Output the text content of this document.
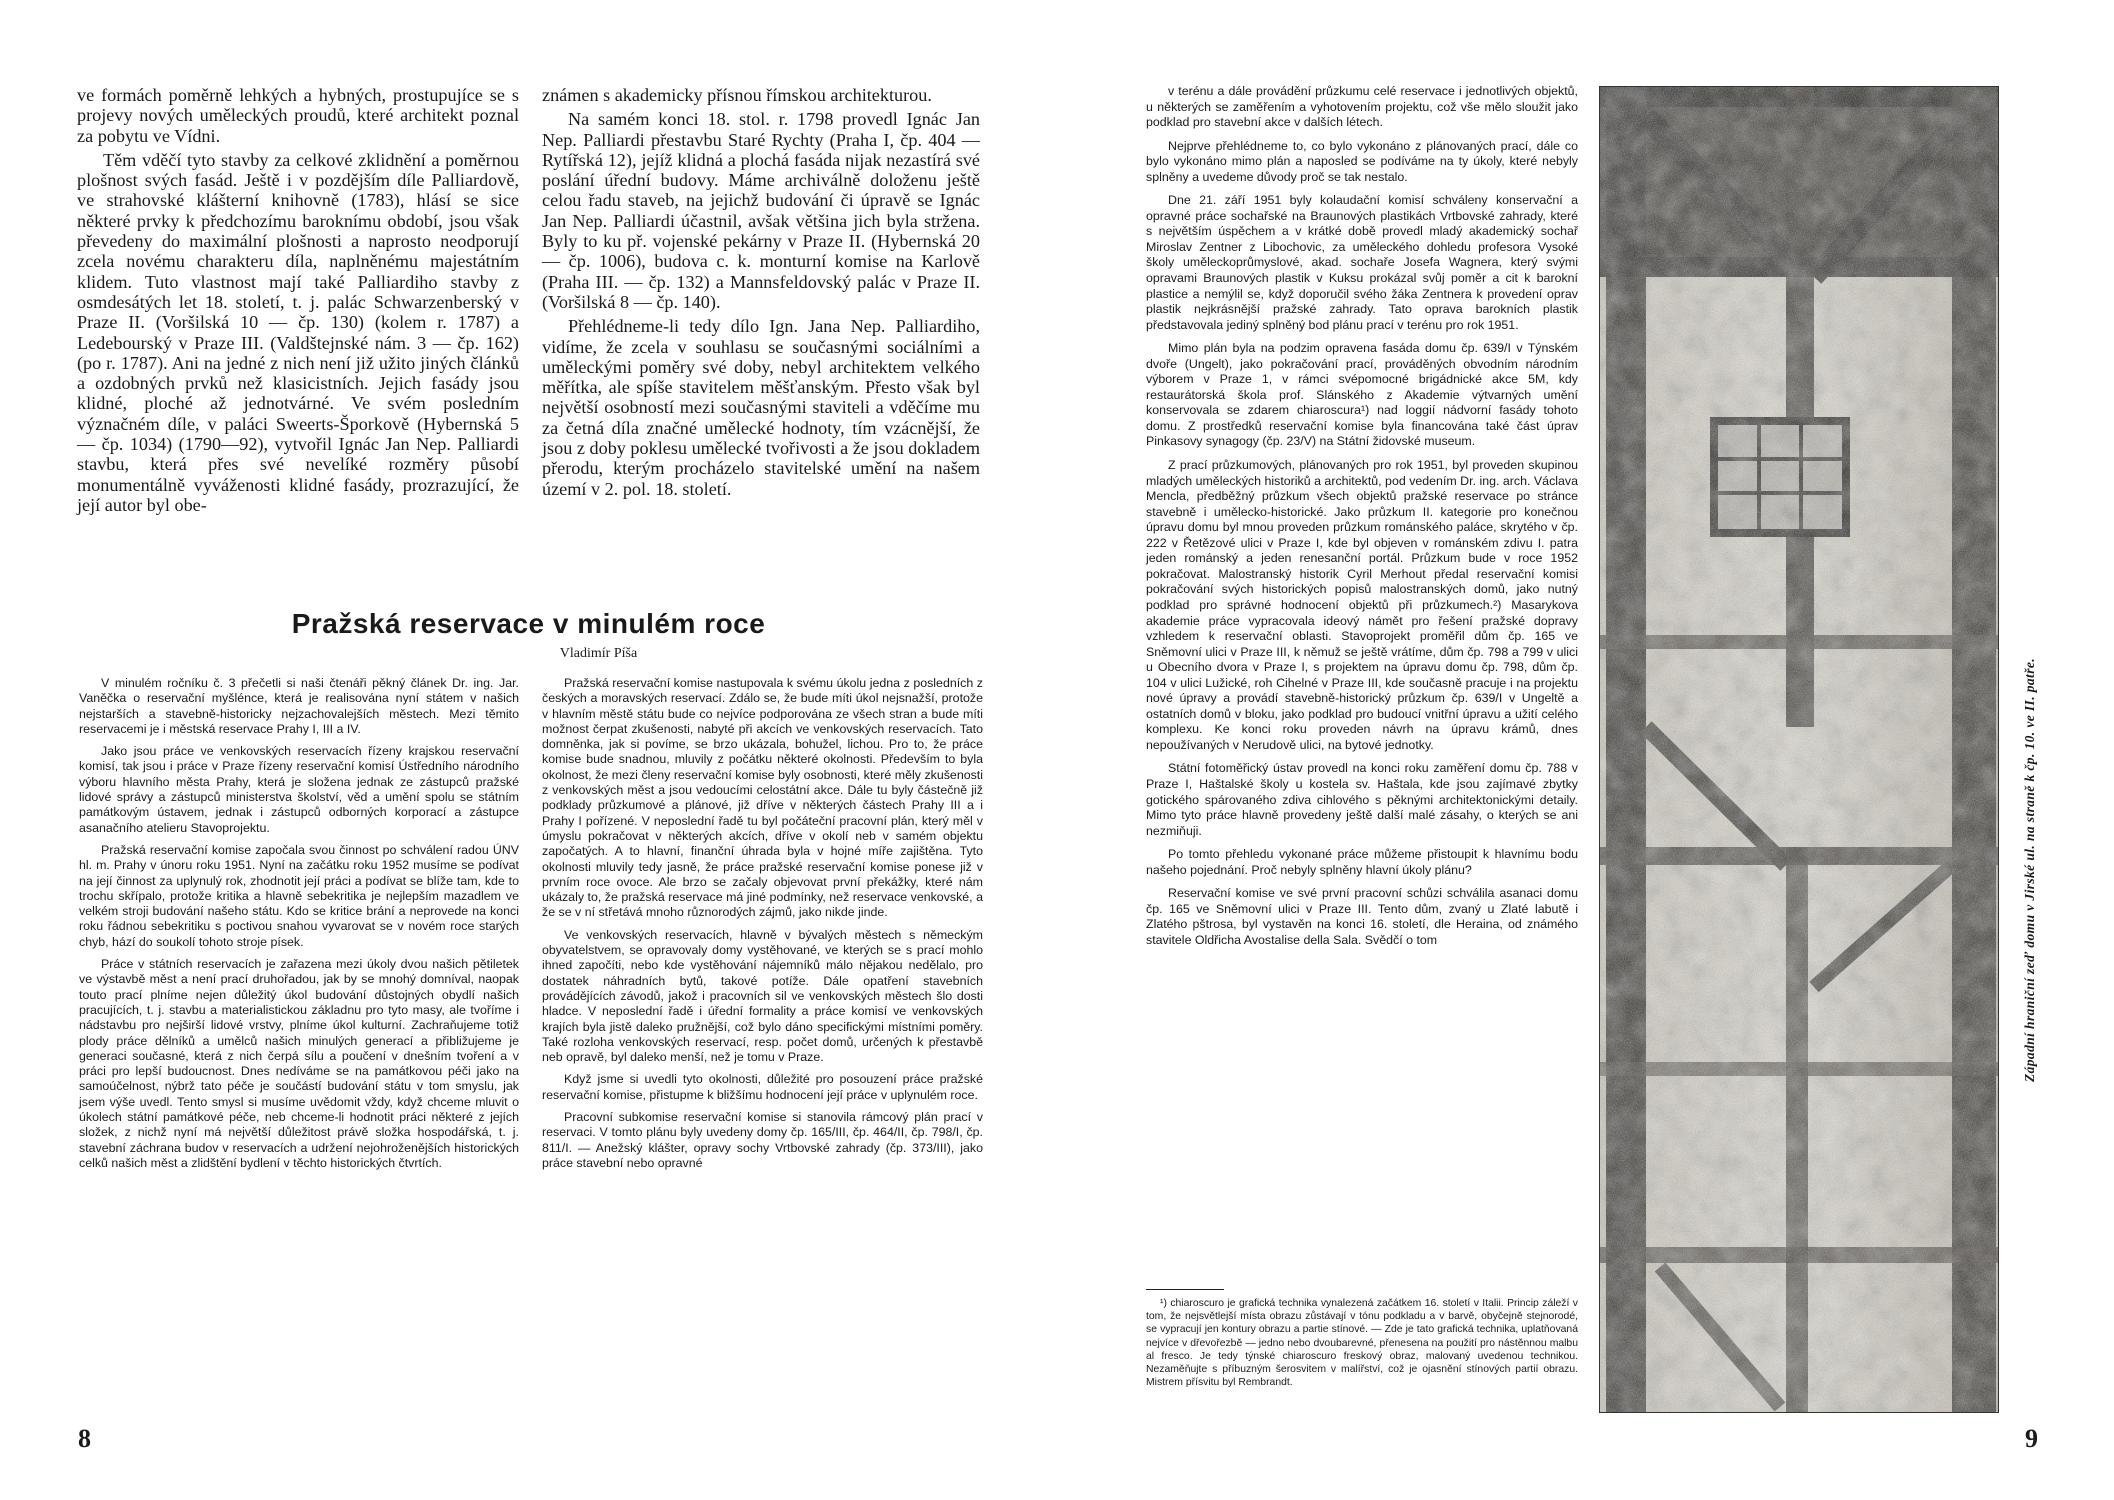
ve formách poměrně lehkých a hybných, prostupujíce se s projevy nových uměleckých proudů, které architekt poznal za pobytu ve Vídni.

Těm vděčí tyto stavby za celkové zklidnění a poměrnou plošnost svých fasád. Ještě i v pozdějším díle Palliardově, ve strahovské klášterní knihovně (1783), hlásí se sice některé prvky k předchozímu baroknímu období, jsou však převedeny do maximální plošnosti a naprosto neodporují zcela novému charakteru díla, naplněnému majestátním klidem. Tuto vlastnost mají také Palliardiho stavby z osmdesátých let 18. století, t. j. palác Schwarzenberský v Praze II. (Voršilská 10 — čp. 130) (kolem r. 1787) a Ledebourský v Praze III. (Valdštejnské nám. 3 — čp. 162) (po r. 1787). Ani na jedné z nich není již užito jiných článků a ozdobných prvků než klasicistních. Jejich fasády jsou klidné, ploché až jednotvárné. Ve svém posledním význačném díle, v paláci Sweerts-Šporkově (Hybernská 5 — čp. 1034) (1790—92), vytvořil Ignác Jan Nep. Palliardi stavbu, která přes své nevelíké rozměry působí monumentálně vyváženosti klidné fasády, prozrazující, že její autor byl obe-

známen s akademicky přísnou římskou architekturou.

Na samém konci 18. stol. r. 1798 provedl Ignác Jan Nep. Palliardi přestavbu Staré Rychty (Praha I, čp. 404 — Rytířská 12), jejíž klidná a plochá fasáda nijak nezastírá své poslání úřední budovy. Máme archiválně doloženu ještě celou řadu staveb, na jejichž budování či úpravě se Ignác Jan Nep. Palliardi účastnil, avšak většina jich byla stržena. Byly to ku př. vojenské pekárny v Praze II. (Hybernská 20 — čp. 1006), budova c. k. monturní komise na Karlově (Praha III. — čp. 132) a Mannsfeldovský palác v Praze II. (Voršilská 8 — čp. 140).

Přehlédneme-li tedy dílo Ign. Jana Nep. Palliardiho, vidíme, že zcela v souhlasu se současnými sociálními a uměleckými poměry své doby, nebyl architektem velkého měřítka, ale spíše stavitelem měšťanským. Přesto však byl největší osobností mezi současnými staviteli a vděčíme mu za četná díla značné umělecké hodnoty, tím vzácnější, že jsou z doby poklesu umělecké tvořivosti a že jsou dokladem přerodu, kterým procházelo stavitelské umění na našem území v 2. pol. 18. století.

Pražská reservace v minulém roce
Vladimír Píša

V minulém ročníku č. 3 přečetli si naši čtenáři pěkný článek Dr. ing. Jar. Vaněčka o reservační myšlénce, která je realisována nyní státem v našich nejstarších a stavebně-historicky nejzachovalejších městech. Mezi těmito reservacemi je i městská reservace Prahy I, III a IV.

Jako jsou práce ve venkovských reservacích řízeny krajskou reservační komisí, tak jsou i práce v Praze řízeny reservační komisí Ústředního národního výboru hlavního města Prahy, která je složena jednak ze zástupců pražské lidové správy a zástupců ministerstva školství, věd a umění spolu se státním památkovým ústavem, jednak i zástupců odborných korporací a zástupce asanačního atelieru Stavoprojektu.

Pražská reservační komise započala svou činnost po schválení radou ÚNV hl. m. Prahy v únoru roku 1951. Nyní na začátku roku 1952 musíme se podívat na její činnost za uplynulý rok, zhodnotit její práci a podívat se blíže tam, kde to trochu skřípalo, protože kritika a hlavně sebekritika je nejlepším mazadlem ve velkém stroji budování našeho státu. Kdo se kritice brání a neprovede na konci roku řádnou sebekritiku s poctivou snahou vyvarovat se v novém roce starých chyb, hází do soukolí tohoto stroje písek.

Práce v státních reservacích je zařazena mezi úkoly dvou našich pětiletek ve výstavbě měst a není prací druhořadou, jak by se mnohý domníval, naopak touto prací plníme nejen důležitý úkol budování důstojných obydlí našich pracujících, t. j. stavbu a materialistickou základnu pro tyto masy, ale tvoříme i nádstavbu pro nejširší lidové vrstvy, plníme úkol kulturní. Zachraňujeme totiž plody práce dělníků a umělců našich minulých generací a přibližujeme je generaci současné, která z nich čerpá sílu a poučení v dnešním tvoření a v práci pro lepší budoucnost. Dnes nedíváme se na památkovou péči jako na samoúčelnost, nýbrž tato péče je součástí budování státu v tom smyslu, jak jsem výše uvedl. Tento smysl si musíme uvědomit vždy, když chceme mluvit o úkolech státní památkové péče, neb chceme-li hodnotit práci některé z jejích složek, z nichž nyní má největší důležitost právě složka hospodářská, t. j. stavební záchrana budov v reservacích a udržení nejohroženějších historických celků našich měst a zlidštění bydlení v těchto historických čtvrtích.

Pražská reservační komise nastupovala k svému úkolu jedna z posledních z českých a moravských reservací. Zdálo se, že bude míti úkol nejsnažší, protože v hlavním městě státu bude co nejvíce podporována ze všech stran a bude míti možnost čerpat zkušenosti, nabyté při akcích ve venkovských reservacích. Tato domněnka, jak si povíme, se brzo ukázala, bohužel, lichou. Pro to, že práce komise bude snadnou, mluvily z počátku některé okolnosti. Především to byla okolnost, že mezi členy reservační komise byly osobnosti, které měly zkušenosti z venkovských měst a jsou vedoucími celostátní akce. Dále tu byly částečně již podklady průzkumové a plánové, již dříve v některých částech Prahy III a i Prahy I pořízené. V neposlední řadě tu byl počáteční pracovní plán, který měl v úmyslu pokračovat v některých akcích, dříve v okolí neb v samém objektu započatých. A to hlavní, finanční úhrada byla v hojné míře zajištěna. Tyto okolnosti mluvily tedy jasně, že práce pražské reservační komise ponese již v prvním roce ovoce. Ale brzo se začaly objevovat první překážky, které nám ukázaly to, že pražská reservace má jiné podmínky, než reservace venkovské, a že se v ní střetává mnoho různorodých zájmů, jako nikde jinde.

Ve venkovských reservacích, hlavně v bývalých městech s německým obyvatelstvem, se opravovaly domy vystěhované, ve kterých se s prací mohlo ihned započíti, nebo kde vystěhování nájemníků málo nějakou nedělalo, pro dostatek náhradních bytů, takové potíže. Dále opatření stavebních provádějících závodů, jakož i pracovních sil ve venkovských městech šlo dosti hladce. V neposlední řadě i úřední formality a práce komisí ve venkovských krajích byla jistě daleko pružnější, což bylo dáno specifickými místními poměry. Také rozloha venkovských reservací, resp. počet domů, určených k přestavbě neb opravě, byl daleko menší, než je tomu v Praze.

Když jsme si uvedli tyto okolnosti, důležité pro posouzení práce pražské reservační komise, přistupme k bližšímu hodnocení její práce v uplynulém roce.

Pracovní subkomise reservační komise si stanovila rámcový plán prací v reservaci. V tomto plánu byly uvedeny domy čp. 165/III, čp. 464/II, čp. 798/I, čp. 811/I. — Anežský klášter, opravy sochy Vrtbovské zahrady (čp. 373/III), jako práce stavební nebo opravné

8

v terénu a dále provádění průzkumu celé reservace i jednotlivých objektů, u některých se zaměřením a vyhotovením projektu, což vše mělo sloužit jako podklad pro stavební akce v dalších létech.

Nejprve přehlédneme to, co bylo vykonáno z plánovaných prací, dále co bylo vykonáno mimo plán a naposled se podíváme na ty úkoly, které nebyly splněny a uvedeme důvody proč se tak nestalo.

Dne 21. září 1951 byly kolaudační komisí schváleny konservační a opravné práce sochařské na Braunových plastikách Vrtbovské zahrady, které s největším úspěchem a v krátké době provedl mladý akademický sochař Miroslav Zentner z Libochovic, za uměleckého dohledu profesora Vysoké školy uměleckoprůmyslové, akad. sochaře Josefa Wagnera, který svými opravami Braunových plastik v Kuksu prokázal svůj poměr a cit k barokní plastice a nemýlil se, když doporučil svého žáka Zentnera k provedení oprav plastik nejkrásnější pražské zahrady. Tato oprava barokních plastik představovala jediný splněný bod plánu prací v terénu pro rok 1951.

Mimo plán byla na podzim opravena fasáda domu čp. 639/I v Týnském dvoře (Ungelt), jako pokračování prací, prováděných obvodním národním výborem v Praze 1, v rámci svépomocné brigádnické akce 5M, kdy restaurátorská škola prof. Slánského z Akademie výtvarných umění konservovala se zdarem chiaroscura¹) nad loggií nádvorní fasády tohoto domu. Z prostředků reservační komise byla financována také část úprav Pinkasovy synagogy (čp. 23/V) na Státní židovské museum.

Z prací průzkumových, plánovaných pro rok 1951, byl proveden skupinou mladých uměleckých historiků a architektů, pod vedením Dr. ing. arch. Václava Mencla, předběžný průzkum všech objektů pražské reservace po stránce stavebně i umělecko-historické. Jako průzkum II. kategorie pro konečnou úpravu domu byl mnou proveden průzkum románského paláce, skrytého v čp. 222 v Řetězové ulici v Praze I, kde byl objeven v románském zdivu I. patra jeden románský a jeden renesanční portál. Průzkum bude v roce 1952 pokračovat. Malostranský historik Cyril Merhout předal reservační komisi pokračování svých historických popisů malostranských domů, jako nutný podklad pro správné hodnocení objektů při průzkumech.²) Masarykova akademie práce vypracovala ideový námět pro řešení pražské dopravy vzhledem k reservační oblasti. Stavoprojekt proměřil dům čp. 165 ve Sněmovní ulici v Praze III, k němuž se ještě vrátíme, dům čp. 798 a 799 v ulici u Obecního dvora v Praze I, s projektem na úpravu domu čp. 798, dům čp. 104 v ulici Lužické, roh Cihelné v Praze III, kde současně pracuje i na projektu nové úpravy a provádí stavebně-historický průzkum čp. 639/I v Ungeltě a ostatních domů v bloku, jako podklad pro budoucí vnitřní úpravu a užití celého komplexu. Ke konci roku proveden návrh na úpravu krámů, dnes nepoužívaných v Nerudově ulici, na bytové jednotky.

Státní fotoměřický ústav provedl na konci roku zaměření domu čp. 788 v Praze I, Haštalské školy u kostela sv. Haštala, kde jsou zajímavé zbytky gotického spárovaného zdiva cihlového s pěknými architektonickými detaily. Mimo tyto práce hlavně provedeny ještě další malé zásahy, o kterých se ani nezmiňuji.

Po tomto přehledu vykonané práce můžeme přistoupit k hlavnímu bodu našeho pojednání. Proč nebyly splněny hlavní úkoly plánu?

Reservační komise ve své první pracovní schůzi schválila asanaci domu čp. 165 ve Sněmovní ulici v Praze III. Tento dům, zvaný u Zlaté labutě i Zlatého pštrosa, byl vystavěn na konci 16. století, dle Heraina, od známého stavitele Oldřicha Avostalise della Sala. Svědčí o tom

¹) chiaroscuro je grafická technika vynalezená začátkem 16. století v Italii. Princip záleží v tom, že nejsvětlejší místa obrazu zůstávají v tónu podkladu a v barvě, obyčejně stejnorodé, se vypracují jen kontury obrazu a partie stínové. — Zde je tato grafická technika, uplatňovaná nejvíce v dřevořezbě — jedno nebo dvoubarevné, přenesena na použití pro nástěnnou malbu al fresco. Je tedy týnské chiaroscuro freskový obraz, malovaný uvedenou technikou. Nezaměňujte s příbuzným šerosvitem v malířství, což je ojasnění stínových partií obrazu. Mistrem přísvitu byl Rembrandt.

Západní hraniční zeď domu v Jirské ul. na straně k čp. 10. ve II. patře.
9
